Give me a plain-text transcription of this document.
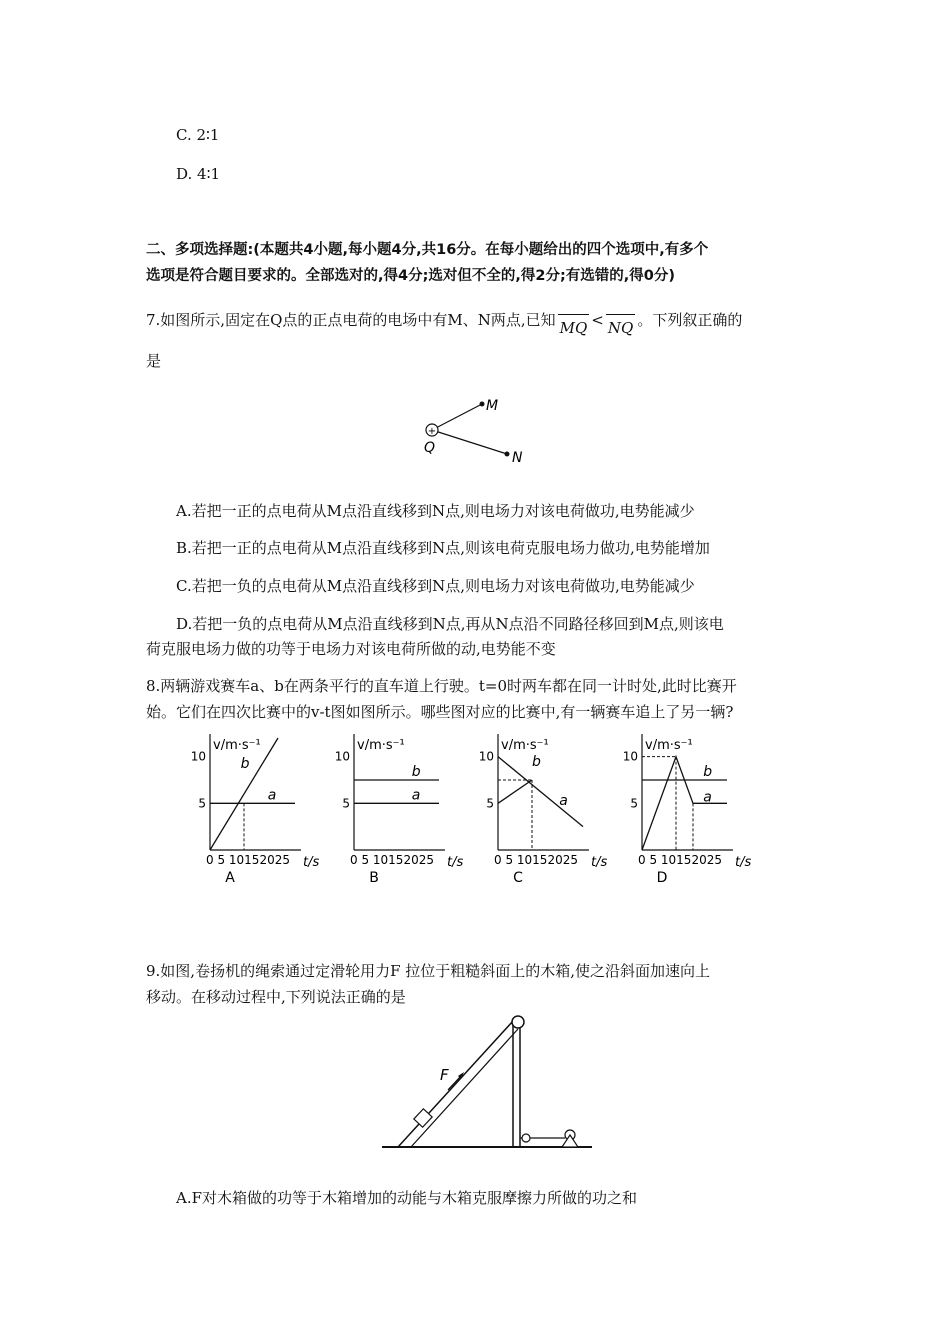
C. 2∶1
D. 4∶1
二、多项选择题:(本题共4小题,每小题4分,共16分。在每小题给出的四个选项中,有多个
选项是符合题目要求的。全部选对的,得4分;选对但不全的,得2分;有选错的,得0分)
7.如图所示,固定在Q点的正点电荷的电场中有M、N两点,已知 MQ < NQ 。下列叙正确的
是
+
M
N
Q
A.若把一正的点电荷从M点沿直线移到N点,则电场力对该电荷做功,电势能减少
B.若把一正的点电荷从M点沿直线移到N点,则该电荷克服电场力做功,电势能增加
C.若把一负的点电荷从M点沿直线移到N点,则电场力对该电荷做功,电势能减少
D.若把一负的点电荷从M点沿直线移到N点,再从N点沿不同路径移回到M点,则该电
荷克服电场力做的功等于电场力对该电荷所做的动,电势能不变
8.两辆游戏赛车a、b在两条平行的直车道上行驶。t=0时两车都在同一计时处,此时比赛开
始。它们在四次比赛中的v-t图如图所示。哪些图对应的比赛中,有一辆赛车追上了另一辆?
v/m·s⁻¹
t/s
0 5 10152025
5
10
a
b
A
v/m·s⁻¹
t/s
0 5 10152025
5
10
a
b
B
v/m·s⁻¹
t/s
0 5 10152025
5
10
a
b
C
v/m·s⁻¹
t/s
0 5 10152025
5
10
a
b
D
9.如图,卷扬机的绳索通过定滑轮用力F 拉位于粗糙斜面上的木箱,使之沿斜面加速向上
移动。在移动过程中,下列说法正确的是
F
A.F对木箱做的功等于木箱增加的动能与木箱克服摩擦力所做的功之和
